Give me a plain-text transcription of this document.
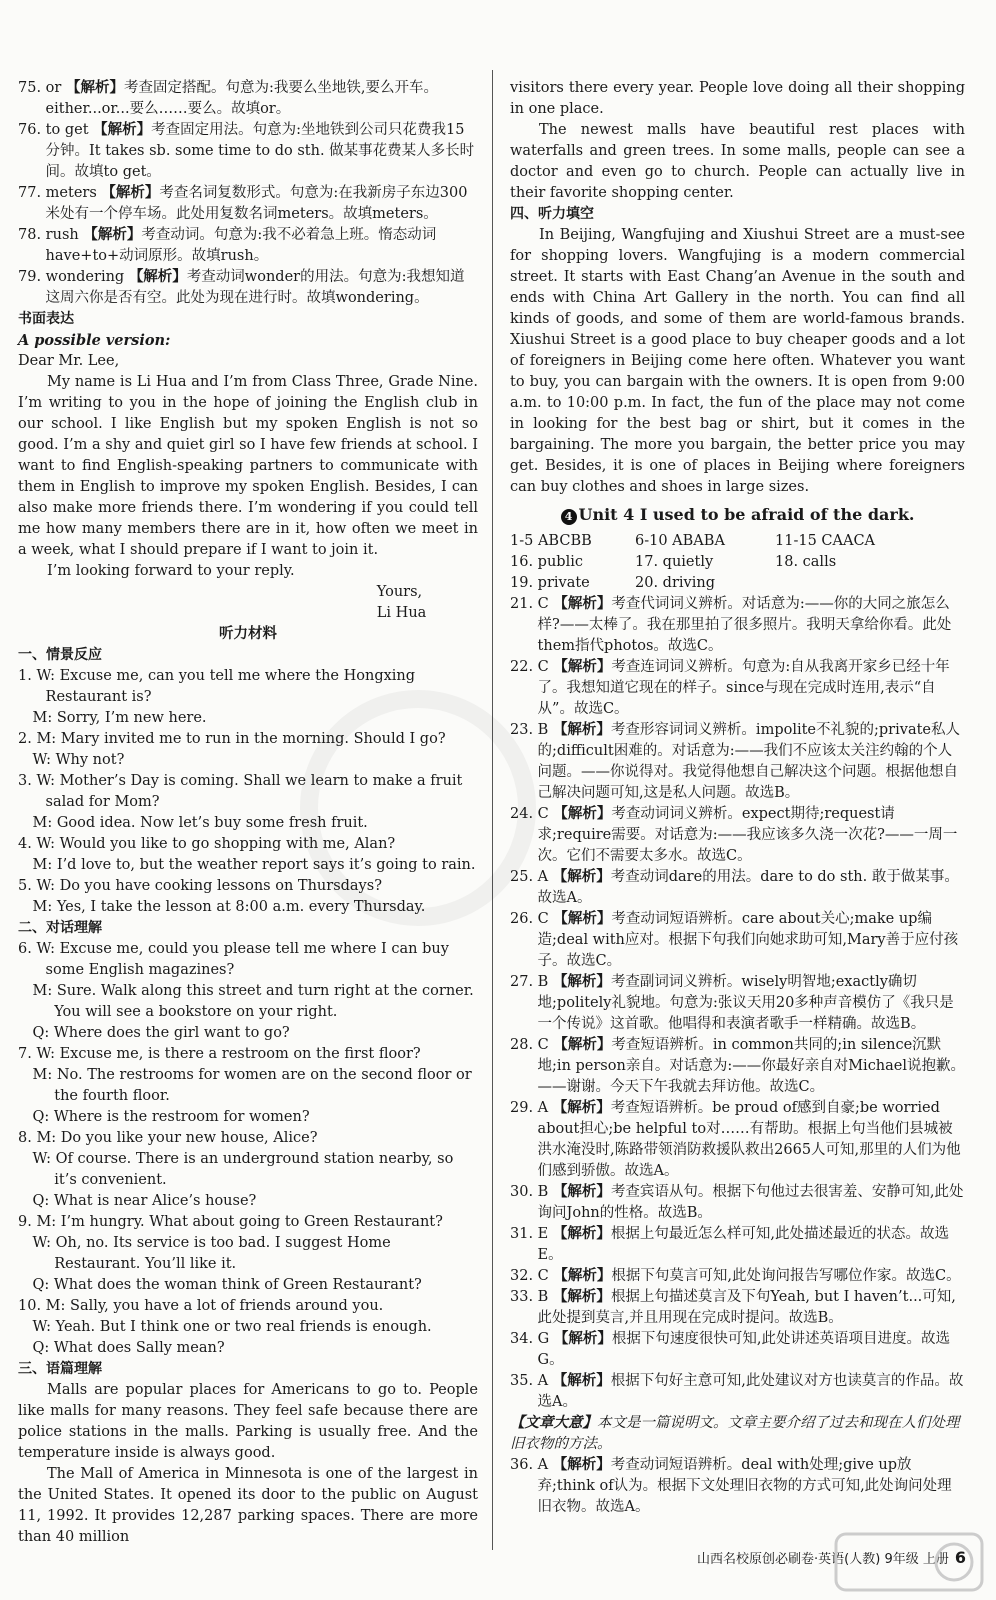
75. or 【解析】考查固定搭配。句意为:我要么坐地铁,要么开车。either...or...要么……要么。故填or。

76. to get 【解析】考查固定用法。句意为:坐地铁到公司只花费我15分钟。It takes sb. some time to do sth. 做某事花费某人多长时间。故填to get。

77. meters 【解析】考查名词复数形式。句意为:在我新房子东边300米处有一个停车场。此处用复数名词meters。故填meters。

78. rush 【解析】考查动词。句意为:我不必着急上班。惰态动词have+to+动词原形。故填rush。

79. wondering 【解析】考查动词wonder的用法。句意为:我想知道这周六你是否有空。此处为现在进行时。故填wondering。

书面表达

A possible version:

Dear Mr. Lee,

My name is Li Hua and I’m from Class Three, Grade Nine. I’m writing to you in the hope of joining the English club in our school. I like English but my spoken English is not so good. I’m a shy and quiet girl so I have few friends at school. I want to find English-speaking partners to communicate with them in English to improve my spoken English. Besides, I can also make more friends there. I’m wondering if you could tell me how many members there are in it, how often we meet in a week, what I should prepare if I want to join it.

I’m looking forward to your reply.

Yours,

Li Hua

听力材料

一、情景反应

1. W: Excuse me, can you tell me where the Hongxing Restaurant is?

M: Sorry, I’m new here.

2. M: Mary invited me to run in the morning. Should I go?

W: Why not?

3. W: Mother’s Day is coming. Shall we learn to make a fruit salad for Mom?

M: Good idea. Now let’s buy some fresh fruit.

4. W: Would you like to go shopping with me, Alan?

M: I’d love to, but the weather report says it’s going to rain.

5. W: Do you have cooking lessons on Thursdays?

M: Yes, I take the lesson at 8:00 a.m. every Thursday.

二、对话理解

6. W: Excuse me, could you please tell me where I can buy some English magazines?

M: Sure. Walk along this street and turn right at the corner. You will see a bookstore on your right.

Q: Where does the girl want to go?

7. W: Excuse me, is there a restroom on the first floor?

M: No. The restrooms for women are on the second floor or the fourth floor.

Q: Where is the restroom for women?

8. M: Do you like your new house, Alice?

W: Of course. There is an underground station nearby, so it’s convenient.

Q: What is near Alice’s house?

9. M: I’m hungry. What about going to Green Restaurant?

W: Oh, no. Its service is too bad. I suggest Home Restaurant. You’ll like it.

Q: What does the woman think of Green Restaurant?

10. M: Sally, you have a lot of friends around you.

W: Yeah. But I think one or two real friends is enough.

Q: What does Sally mean?

三、语篇理解

Malls are popular places for Americans to go to. People like malls for many reasons. They feel safe because there are police stations in the malls. Parking is usually free. And the temperature inside is always good.

The Mall of America in Minnesota is one of the largest in the United States. It opened its door to the public on August 11, 1992. It provides 12,287 parking spaces. There are more than 40 million

visitors there every year. People love doing all their shopping in one place.

The newest malls have beautiful rest places with waterfalls and green trees. In some malls, people can see a doctor and even go to church. People can actually live in their favorite shopping center.

四、听力填空

In Beijing, Wangfujing and Xiushui Street are a must-see for shopping lovers. Wangfujing is a modern commercial street. It starts with East Chang’an Avenue in the south and ends with China Art Gallery in the north. You can find all kinds of goods, and some of them are world-famous brands. Xiushui Street is a good place to buy cheaper goods and a lot of foreigners in Beijing come here often. Whatever you want to buy, you can bargain with the owners. It is open from 9:00 a.m. to 10:00 p.m. In fact, the fun of the place may not come in looking for the best bag or shirt, but it comes in the bargaining. The more you bargain, the better price you may get. Besides, it is one of places in Beijing where foreigners can buy clothes and shoes in large sizes.

4 Unit 4 I used to be afraid of the dark.

1-5 ABCBB	6-10 ABABA	11-15 CAACA
16. public	17. quietly	18. calls
19. private	20. driving

21. C 【解析】考查代词词义辨析。对话意为:——你的大同之旅怎么样?——太棒了。我在那里拍了很多照片。我明天拿给你看。此处them指代photos。故选C。

22. C 【解析】考查连词词义辨析。句意为:自从我离开家乡已经十年了。我想知道它现在的样子。since与现在完成时连用,表示“自从”。故选C。

23. B 【解析】考查形容词词义辨析。impolite不礼貌的;private私人的;difficult困难的。对话意为:——我们不应该太关注约翰的个人问题。——你说得对。我觉得他想自己解决这个问题。根据他想自己解决问题可知,这是私人问题。故选B。

24. C 【解析】考查动词词义辨析。expect期待;request请求;require需要。对话意为:——我应该多久浇一次花?——一周一次。它们不需要太多水。故选C。

25. A 【解析】考查动词dare的用法。dare to do sth. 敢于做某事。故选A。

26. C 【解析】考查动词短语辨析。care about关心;make up编造;deal with应对。根据下句我们向她求助可知,Mary善于应付孩子。故选C。

27. B 【解析】考查副词词义辨析。wisely明智地;exactly确切地;politely礼貌地。句意为:张议天用20多种声音模仿了《我只是一个传说》这首歌。他唱得和表演者歌手一样精确。故选B。

28. C 【解析】考查短语辨析。in common共同的;in silence沉默地;in person亲自。对话意为:——你最好亲自对Michael说抱歉。——谢谢。今天下午我就去拜访他。故选C。

29. A 【解析】考查短语辨析。be proud of感到自豪;be worried about担心;be helpful to对……有帮助。根据上句当他们县城被洪水淹没时,陈路带领消防救援队救出2665人可知,那里的人们为他们感到骄傲。故选A。

30. B 【解析】考查宾语从句。根据下句他过去很害羞、安静可知,此处询问John的性格。故选B。

31. E 【解析】根据上句最近怎么样可知,此处描述最近的状态。故选E。

32. C 【解析】根据下句莫言可知,此处询问报告写哪位作家。故选C。

33. B 【解析】根据上句描述莫言及下句Yeah, but I haven’t...可知,此处提到莫言,并且用现在完成时提问。故选B。

34. G 【解析】根据下句速度很快可知,此处讲述英语项目进度。故选G。

35. A 【解析】根据下句好主意可知,此处建议对方也读莫言的作品。故选A。

【文章大意】本文是一篇说明文。文章主要介绍了过去和现在人们处理旧衣物的方法。

36. A 【解析】考查动词短语辨析。deal with处理;give up放弃;think of认为。根据下文处理旧衣物的方式可知,此处询问处理旧衣物。故选A。

山西名校原创必刷卷·英语(人教) 9年级 上册 6
